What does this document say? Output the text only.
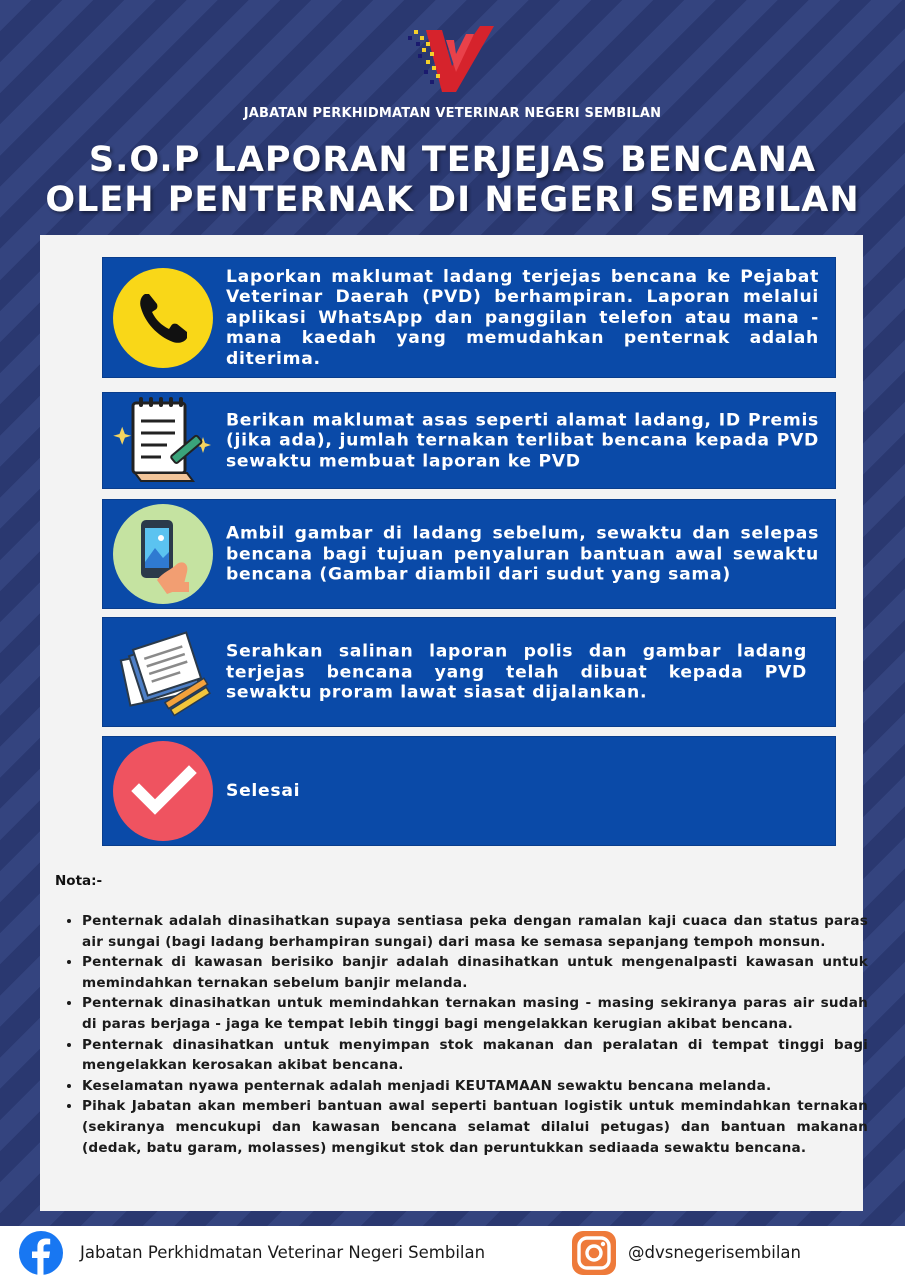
JABATAN PERKHIDMATAN VETERINAR NEGERI SEMBILAN
S.O.P LAPORAN TERJEJAS BENCANA
OLEH PENTERNAK DI NEGERI SEMBILAN
Laporkan maklumat ladang terjejas bencana ke Pejabat Veterinar Daerah (PVD) berhampiran. Laporan melalui aplikasi WhatsApp dan panggilan telefon atau mana - mana kaedah yang memudahkan penternak adalah diterima.
Berikan maklumat asas seperti alamat ladang, ID Premis (jika ada), jumlah ternakan terlibat bencana kepada PVD sewaktu membuat laporan ke PVD
Ambil gambar di ladang sebelum, sewaktu dan selepas bencana bagi tujuan penyaluran bantuan awal sewaktu bencana (Gambar diambil dari sudut yang sama)
Serahkan salinan laporan polis dan gambar ladang terjejas bencana yang telah dibuat kepada PVD sewaktu proram lawat siasat dijalankan.
Selesai
Nota:-
• Penternak adalah dinasihatkan supaya sentiasa peka dengan ramalan kaji cuaca dan status paras air sungai (bagi ladang berhampiran sungai) dari masa ke semasa sepanjang tempoh monsun.
• Penternak di kawasan berisiko banjir adalah dinasihatkan untuk mengenalpasti kawasan untuk memindahkan ternakan sebelum banjir melanda.
• Penternak dinasihatkan untuk memindahkan ternakan masing - masing sekiranya paras air sudah di paras berjaga - jaga ke tempat lebih tinggi bagi mengelakkan kerugian akibat bencana.
• Penternak dinasihatkan untuk menyimpan stok makanan dan peralatan di tempat tinggi bagi mengelakkan kerosakan akibat bencana.
• Keselamatan nyawa penternak adalah menjadi KEUTAMAAN sewaktu bencana melanda.
• Pihak Jabatan akan memberi bantuan awal seperti bantuan logistik untuk memindahkan ternakan (sekiranya mencukupi dan kawasan bencana selamat dilalui petugas) dan bantuan makanan (dedak, batu garam, molasses) mengikut stok dan peruntukkan sediaada sewaktu bencana.
Jabatan Perkhidmatan Veterinar Negeri Sembilan	@dvsnegerisembilan
